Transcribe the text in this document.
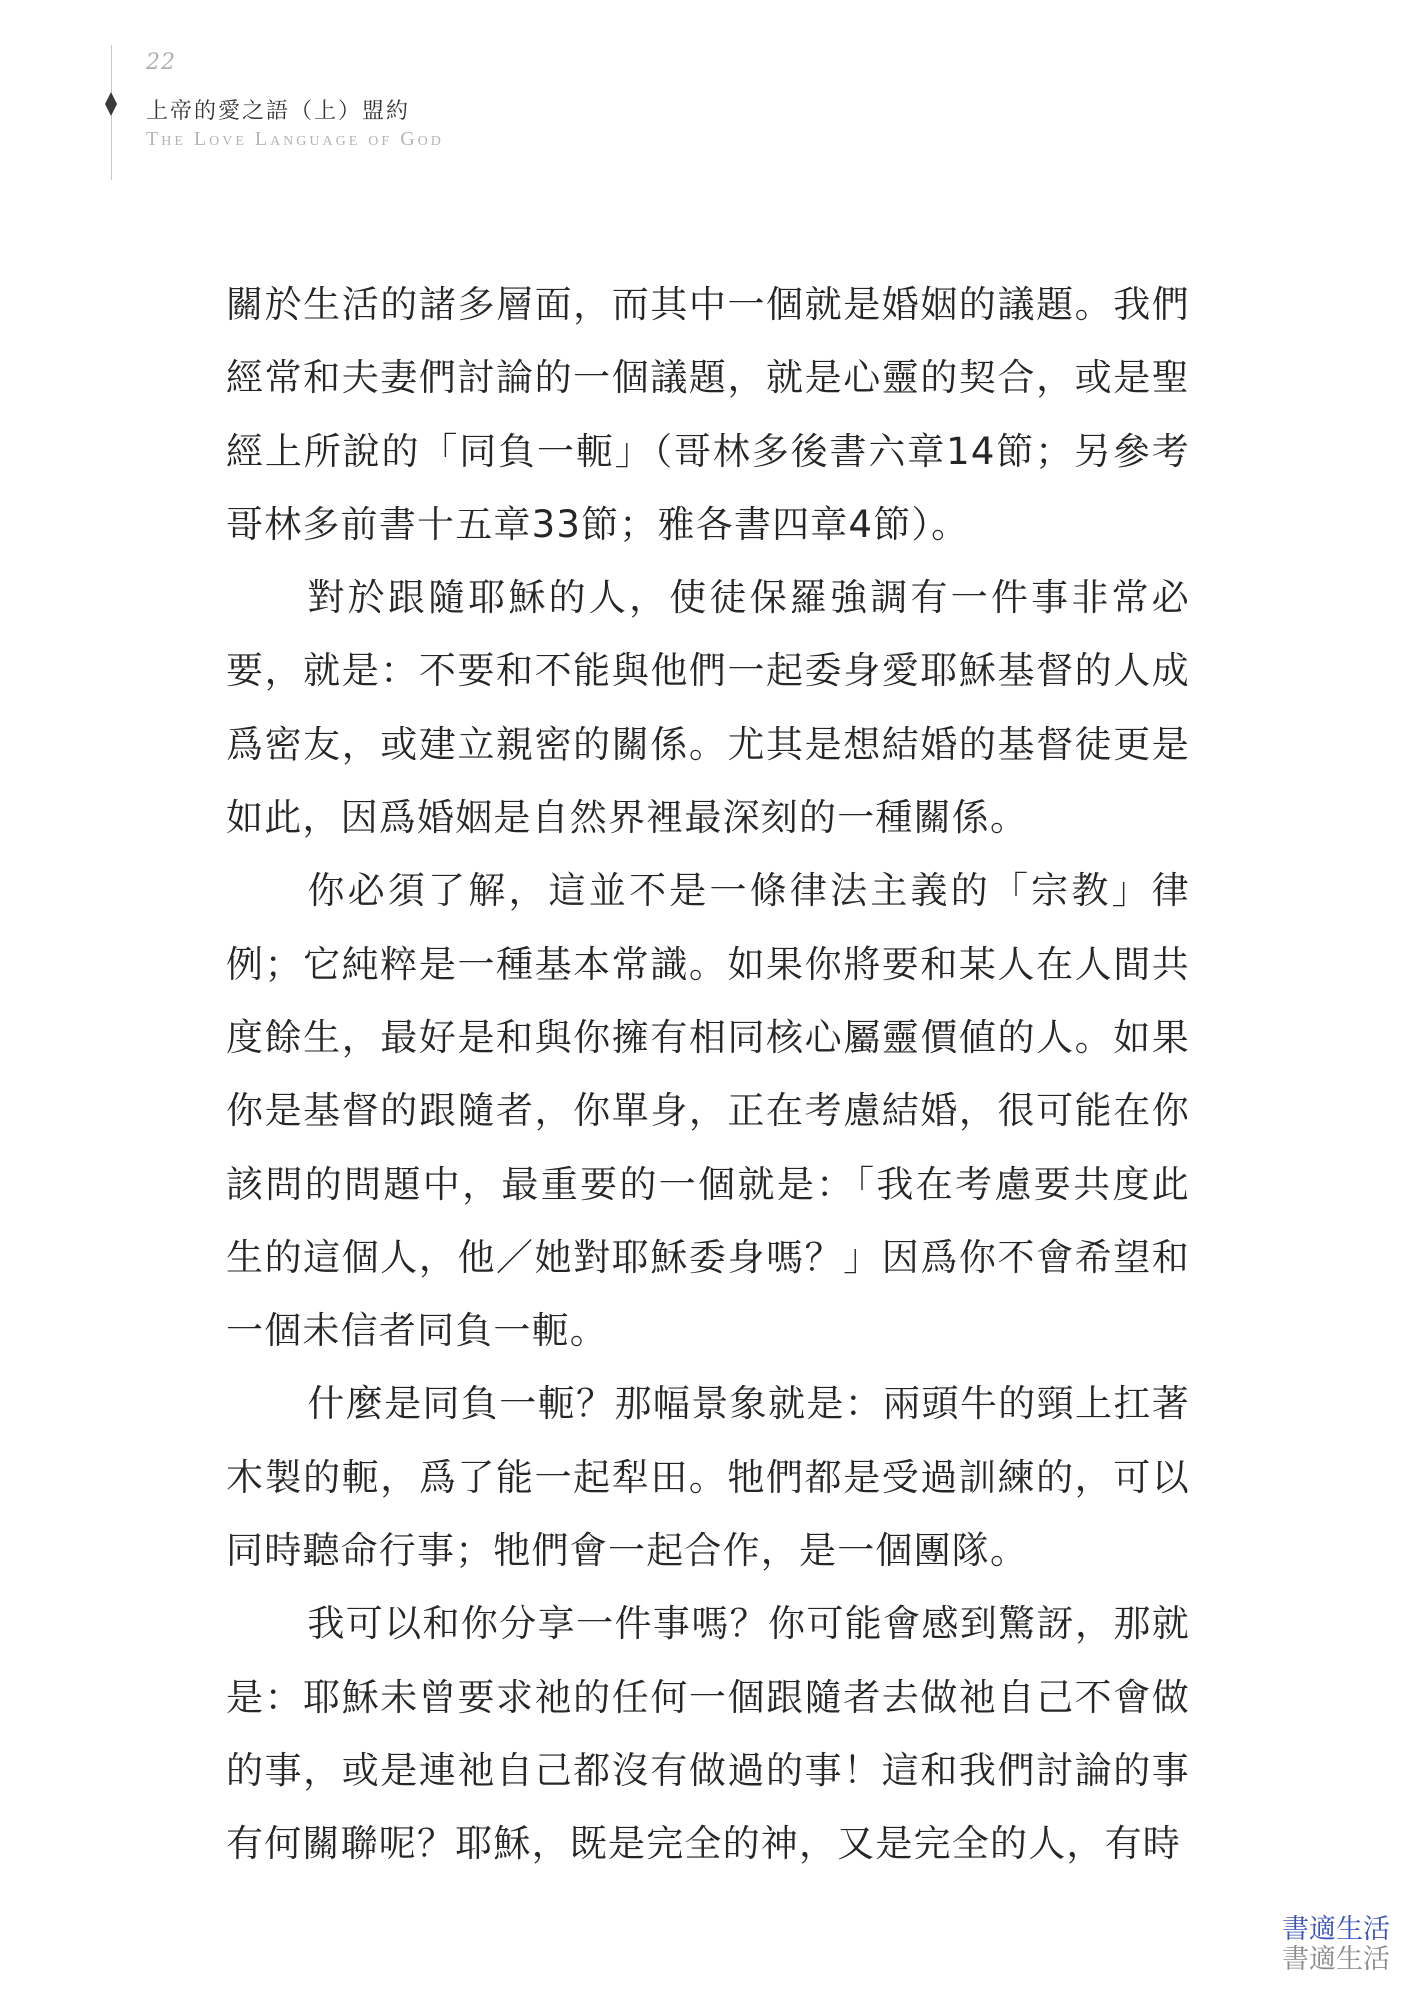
22
上帝的愛之語（上）盟約
The Love Language of God

關於生活的諸多層面，而其中一個就是婚姻的議題。我們經常和夫妻們討論的一個議題，就是心靈的契合，或是聖經上所說的「同負一軛」（哥林多後書六章14節；另參考哥林多前書十五章33節；雅各書四章4節）。

對於跟隨耶穌的人，使徒保羅強調有一件事非常必要，就是：不要和不能與他們一起委身愛耶穌基督的人成爲密友，或建立親密的關係。尤其是想結婚的基督徒更是如此，因爲婚姻是自然界裡最深刻的一種關係。

你必須了解，這並不是一條律法主義的「宗教」律例；它純粹是一種基本常識。如果你將要和某人在人間共度餘生，最好是和與你擁有相同核心屬靈價値的人。如果你是基督的跟隨者，你單身，正在考慮結婚，很可能在你該問的問題中，最重要的一個就是：「我在考慮要共度此生的這個人，他／她對耶穌委身嗎？」因爲你不會希望和一個未信者同負一軛。

什麼是同負一軛？那幅景象就是：兩頭牛的頸上扛著木製的軛，爲了能一起犁田。牠們都是受過訓練的，可以同時聽命行事；牠們會一起合作，是一個團隊。

我可以和你分享一件事嗎？你可能會感到驚訝，那就是：耶穌未曾要求祂的任何一個跟隨者去做祂自己不會做的事，或是連祂自己都沒有做過的事！這和我們討論的事有何關聯呢？耶穌，既是完全的神，又是完全的人，有時

書適生活
書適生活
